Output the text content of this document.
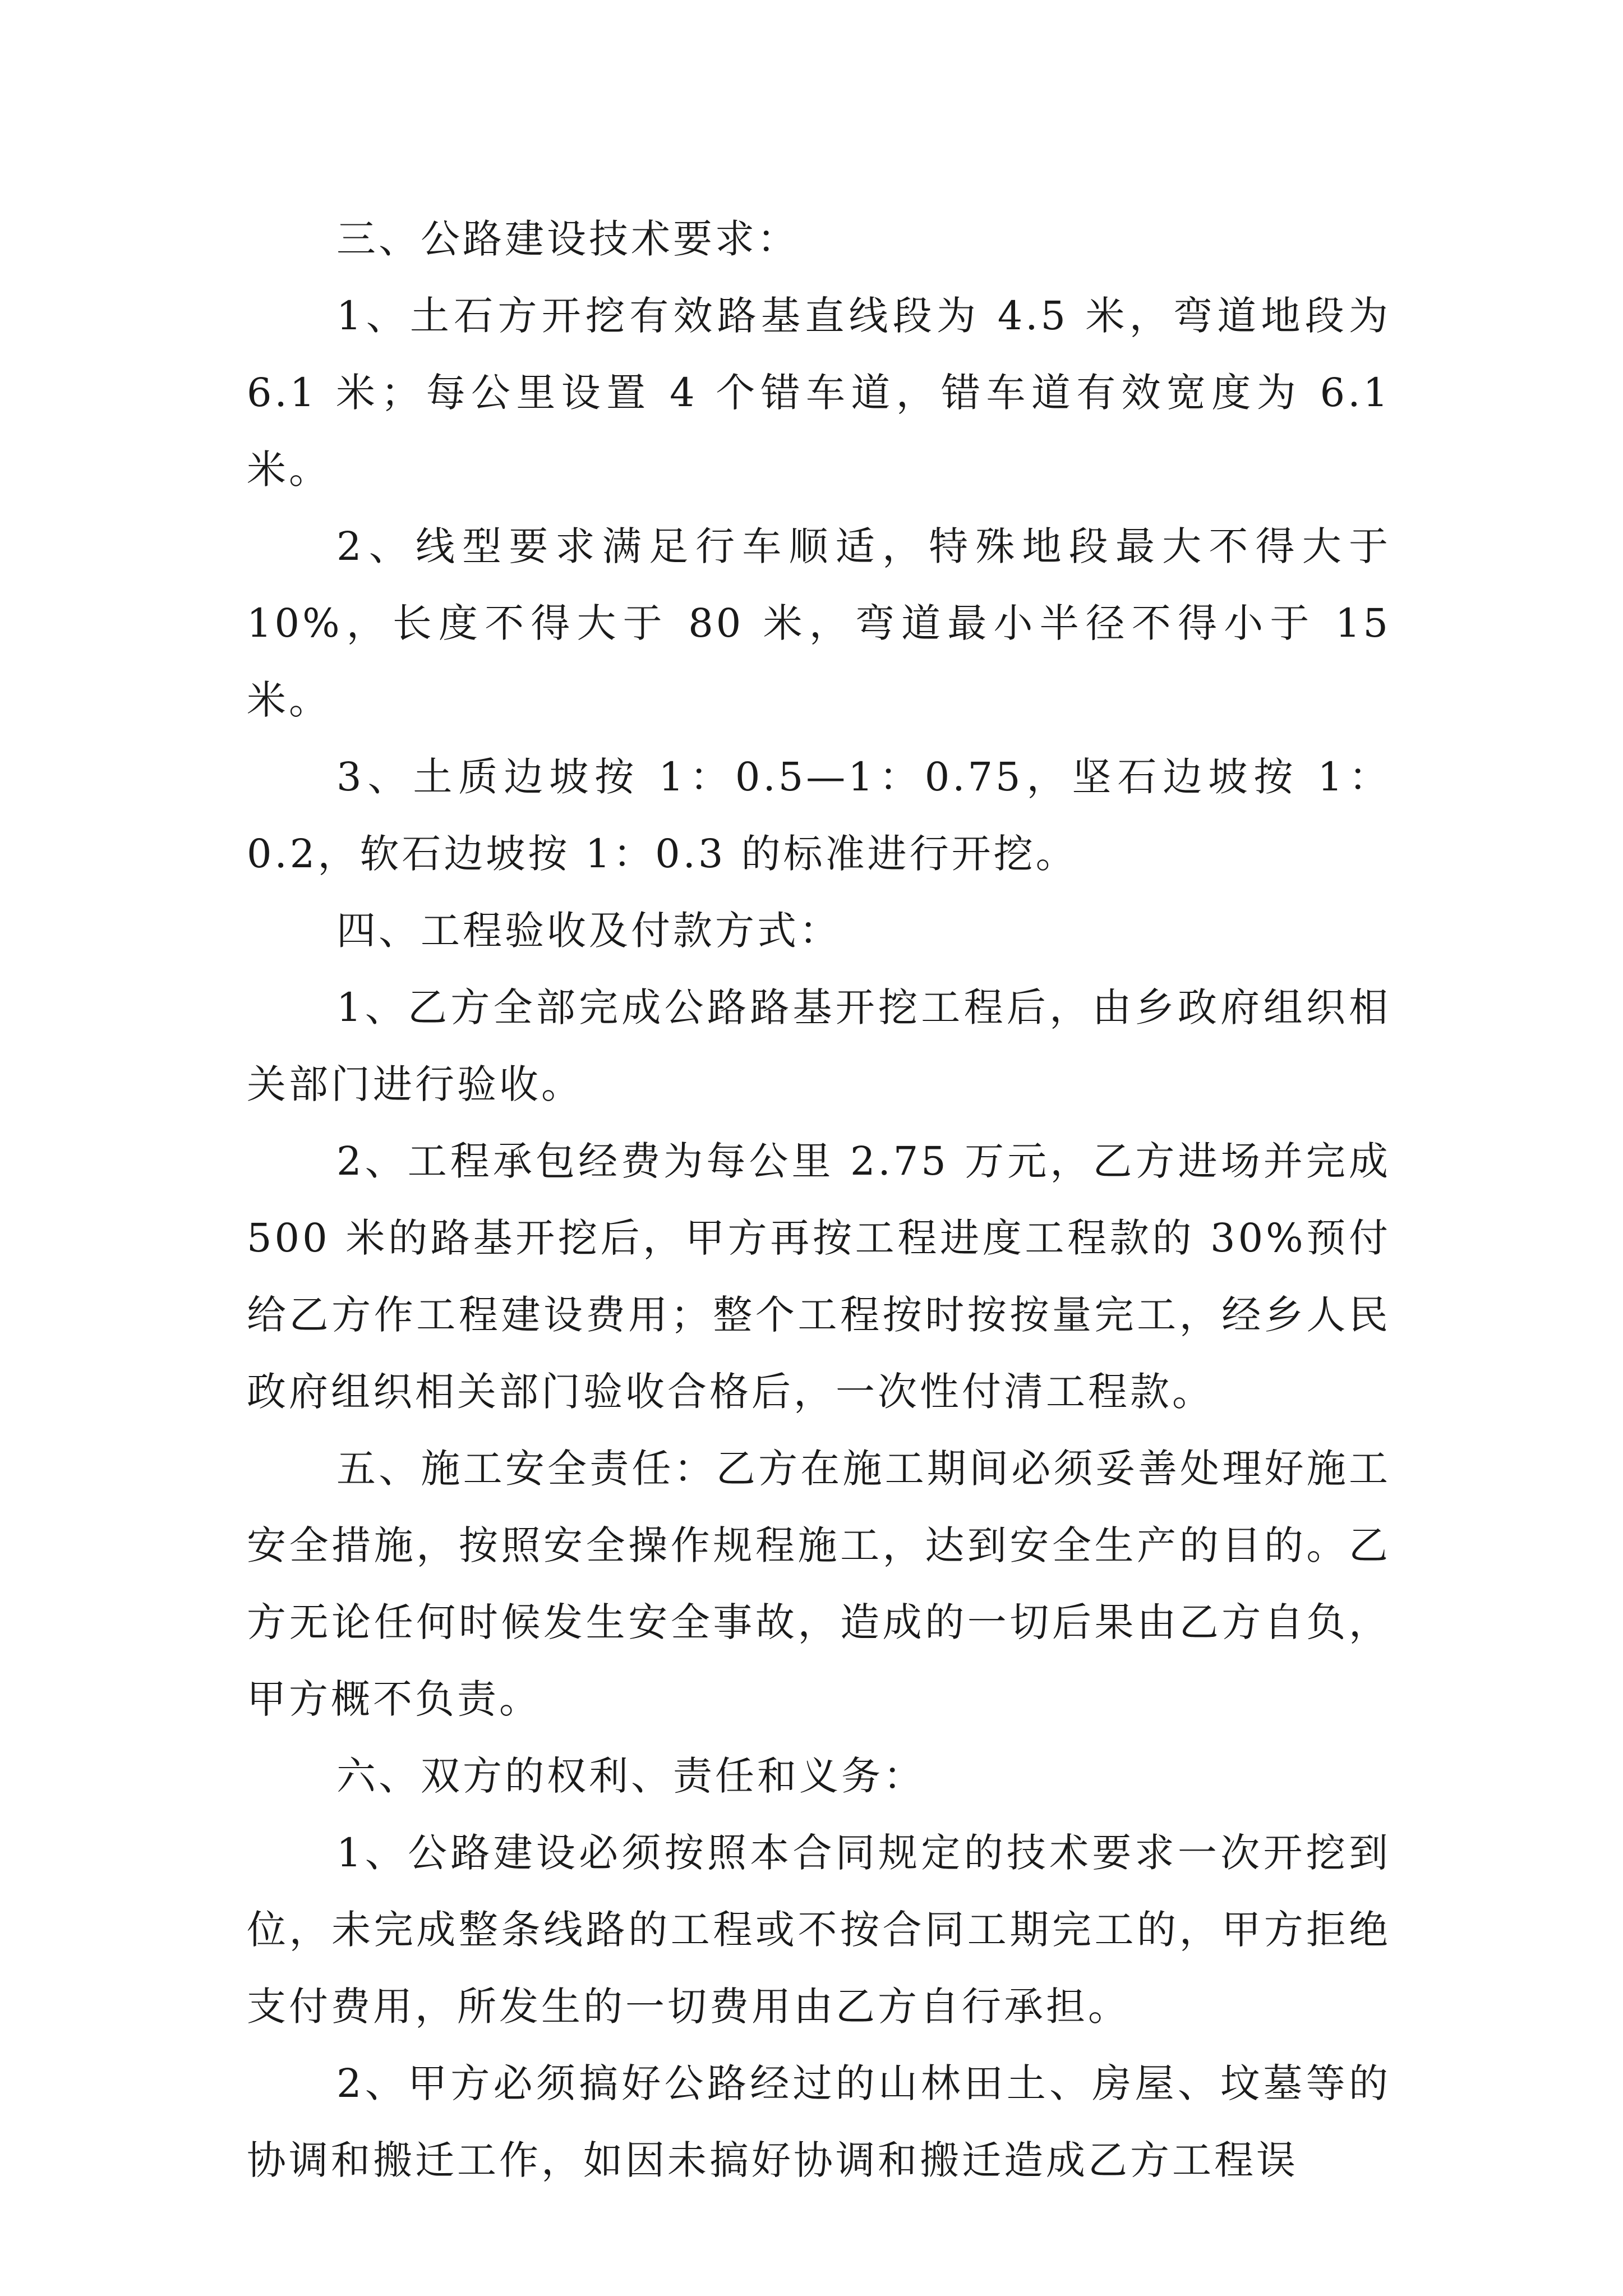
三、公路建设技术要求：

1、土石方开挖有效路基直线段为 4.5 米，弯道地段为 6.1 米；每公里设置 4 个错车道，错车道有效宽度为 6.1 米。

2、线型要求满足行车顺适，特殊地段最大不得大于 10%，长度不得大于 80 米，弯道最小半径不得小于 15 米。

3、土质边坡按 1：0.5—1：0.75，坚石边坡按 1：0.2，软石边坡按 1：0.3 的标准进行开挖。

四、工程验收及付款方式：

1、乙方全部完成公路路基开挖工程后，由乡政府组织相关部门进行验收。

2、工程承包经费为每公里 2.75 万元，乙方进场并完成 500 米的路基开挖后，甲方再按工程进度工程款的 30%预付给乙方作工程建设费用；整个工程按时按按量完工，经乡人民政府组织相关部门验收合格后，一次性付清工程款。

五、施工安全责任：乙方在施工期间必须妥善处理好施工安全措施，按照安全操作规程施工，达到安全生产的目的。乙方无论任何时候发生安全事故，造成的一切后果由乙方自负，甲方概不负责。

六、双方的权利、责任和义务：

1、公路建设必须按照本合同规定的技术要求一次开挖到位，未完成整条线路的工程或不按合同工期完工的，甲方拒绝支付费用，所发生的一切费用由乙方自行承担。

2、甲方必须搞好公路经过的山林田土、房屋、坟墓等的协调和搬迁工作，如因未搞好协调和搬迁造成乙方工程误
